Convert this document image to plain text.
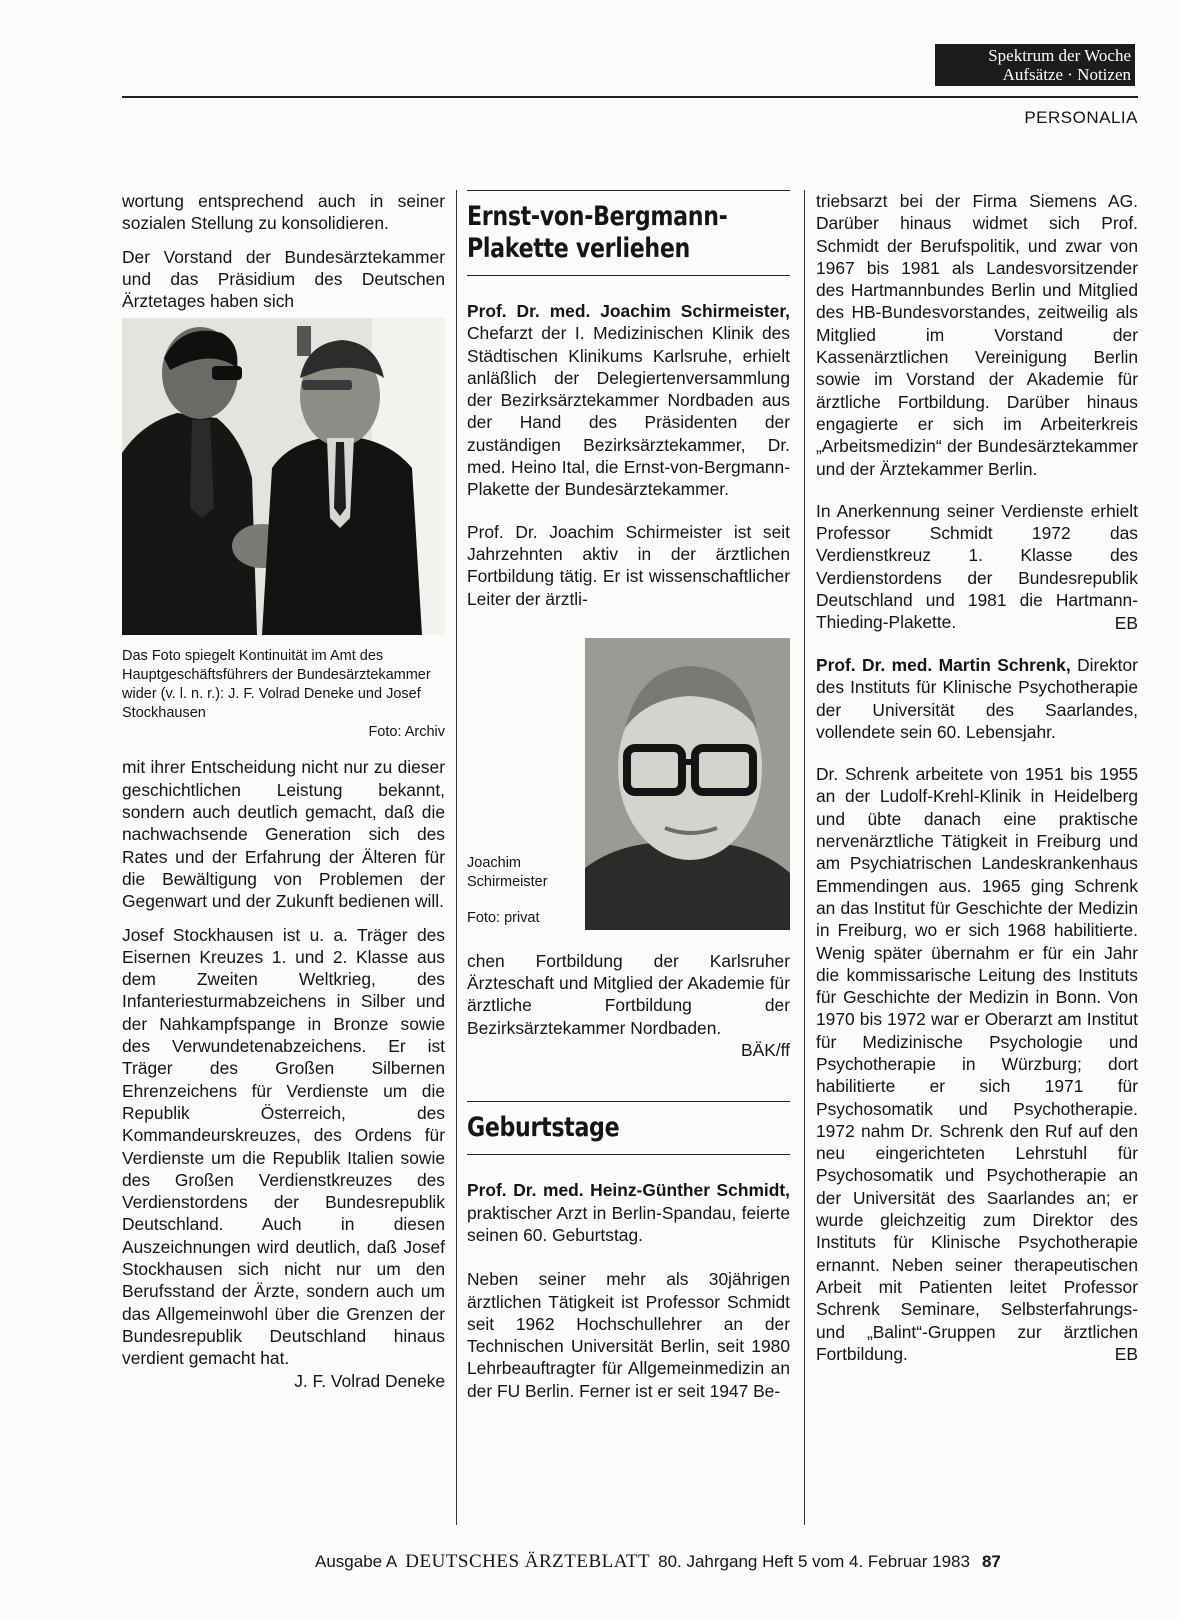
Spektrum der Woche
Aufsätze · Notizen
PERSONALIA

wortung entsprechend auch in seiner sozialen Stellung zu konsolidieren.

Der Vorstand der Bundesärztekammer und das Präsidium des Deutschen Ärztetages haben sich

Das Foto spiegelt Kontinuität im Amt des Hauptgeschäftsführers der Bundesärztekammer wider (v. l. n. r.): J. F. Volrad Deneke und Josef Stockhausen
Foto: Archiv

mit ihrer Entscheidung nicht nur zu dieser geschichtlichen Leistung bekannt, sondern auch deutlich gemacht, daß die nachwachsende Generation sich des Rates und der Erfahrung der Älteren für die Bewältigung von Problemen der Gegenwart und der Zukunft bedienen will.

Josef Stockhausen ist u. a. Träger des Eisernen Kreuzes 1. und 2. Klasse aus dem Zweiten Weltkrieg, des Infanteriesturmabzeichens in Silber und der Nahkampfspange in Bronze sowie des Verwundetenabzeichens. Er ist Träger des Großen Silbernen Ehrenzeichens für Verdienste um die Republik Österreich, des Kommandeurskreuzes, des Ordens für Verdienste um die Republik Italien sowie des Großen Verdienstkreuzes des Verdienstordens der Bundesrepublik Deutschland. Auch in diesen Auszeichnungen wird deutlich, daß Josef Stockhausen sich nicht nur um den Berufsstand der Ärzte, sondern auch um das Allgemeinwohl über die Grenzen der Bundesrepublik Deutschland hinaus verdient gemacht hat.

J. F. Volrad Deneke
Ernst-von-Bergmann-
Plakette verliehen

Prof. Dr. med. Joachim Schirmeister, Chefarzt der I. Medizinischen Klinik des Städtischen Klinikums Karlsruhe, erhielt anläßlich der Delegiertenversammlung der Bezirksärztekammer Nordbaden aus der Hand des Präsidenten der zuständigen Bezirksärztekammer, Dr. med. Heino Ital, die Ernst-von-Bergmann-Plakette der Bundesärztekammer.

Prof. Dr. Joachim Schirmeister ist seit Jahrzehnten aktiv in der ärztlichen Fortbildung tätig. Er ist wissenschaftlicher Leiter der ärztli-

Joachim
Schirmeister
Foto: privat

chen Fortbildung der Karlsruher Ärzteschaft und Mitglied der Akademie für ärztliche Fortbildung der Bezirksärztekammer Nordbaden.

BÄK/ff
Geburtstage

Prof. Dr. med. Heinz-Günther Schmidt, praktischer Arzt in Berlin-Spandau, feierte seinen 60. Geburtstag.

Neben seiner mehr als 30jährigen ärztlichen Tätigkeit ist Professor Schmidt seit 1962 Hochschullehrer an der Technischen Universität Berlin, seit 1980 Lehrbeauftragter für Allgemeinmedizin an der FU Berlin. Ferner ist er seit 1947 Be-

triebsarzt bei der Firma Siemens AG. Darüber hinaus widmet sich Prof. Schmidt der Berufspolitik, und zwar von 1967 bis 1981 als Landesvorsitzender des Hartmannbundes Berlin und Mitglied des HB-Bundesvorstandes, zeitweilig als Mitglied im Vorstand der Kassenärztlichen Vereinigung Berlin sowie im Vorstand der Akademie für ärztliche Fortbildung. Darüber hinaus engagierte er sich im Arbeiterkreis „Arbeitsmedizin“ der Bundesärztekammer und der Ärztekammer Berlin.

In Anerkennung seiner Verdienste erhielt Professor Schmidt 1972 das Verdienstkreuz 1. Klasse des Verdienstordens der Bundesrepublik Deutschland und 1981 die Hartmann-Thieding-Plakette.	EB

Prof. Dr. med. Martin Schrenk, Direktor des Instituts für Klinische Psychotherapie der Universität des Saarlandes, vollendete sein 60. Lebensjahr.

Dr. Schrenk arbeitete von 1951 bis 1955 an der Ludolf-Krehl-Klinik in Heidelberg und übte danach eine praktische nervenärztliche Tätigkeit in Freiburg und am Psychiatrischen Landeskrankenhaus Emmendingen aus. 1965 ging Schrenk an das Institut für Geschichte der Medizin in Freiburg, wo er sich 1968 habilitierte. Wenig später übernahm er für ein Jahr die kommissarische Leitung des Instituts für Geschichte der Medizin in Bonn. Von 1970 bis 1972 war er Oberarzt am Institut für Medizinische Psychologie und Psychotherapie in Würzburg; dort habilitierte er sich 1971 für Psychosomatik und Psychotherapie. 1972 nahm Dr. Schrenk den Ruf auf den neu eingerichteten Lehrstuhl für Psychosomatik und Psychotherapie an der Universität des Saarlandes an; er wurde gleichzeitig zum Direktor des Instituts für Klinische Psychotherapie ernannt. Neben seiner therapeutischen Arbeit mit Patienten leitet Professor Schrenk Seminare, Selbsterfahrungs- und „Balint“-Gruppen zur ärztlichen Fortbildung.	EB
Ausgabe A DEUTSCHES ÄRZTEBLATT 80. Jahrgang Heft 5 vom 4. Februar 1983 87
